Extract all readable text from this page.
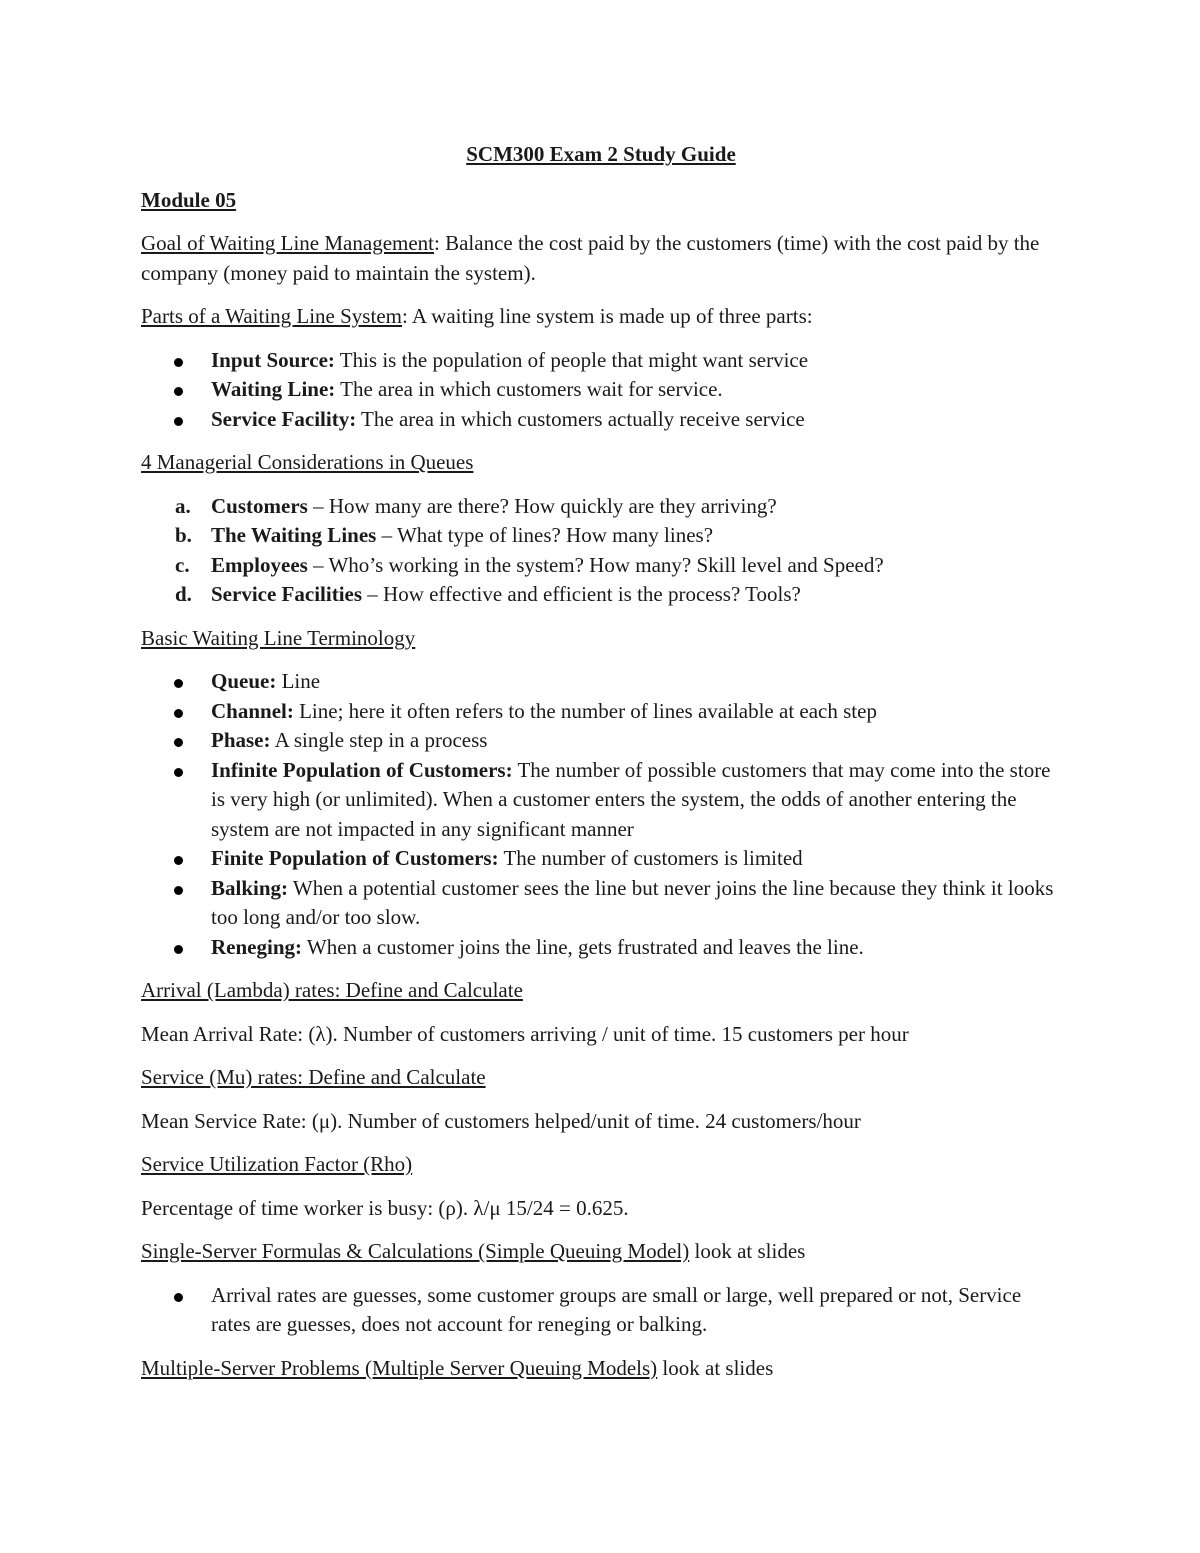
SCM300 Exam 2 Study Guide
Module 05

Goal of Waiting Line Management: Balance the cost paid by the customers (time) with the cost paid by the company (money paid to maintain the system).

Parts of a Waiting Line System: A waiting line system is made up of three parts:

Input Source: This is the population of people that might want service
Waiting Line: The area in which customers wait for service.
Service Facility: The area in which customers actually receive service

4 Managerial Considerations in Queues

a. Customers – How many are there? How quickly are they arriving?
b. The Waiting Lines – What type of lines? How many lines?
c. Employees – Who’s working in the system? How many? Skill level and Speed?
d. Service Facilities – How effective and efficient is the process? Tools?

Basic Waiting Line Terminology

Queue: Line
Channel: Line; here it often refers to the number of lines available at each step
Phase: A single step in a process
Infinite Population of Customers: The number of possible customers that may come into the store is very high (or unlimited). When a customer enters the system, the odds of another entering the system are not impacted in any significant manner
Finite Population of Customers: The number of customers is limited
Balking: When a potential customer sees the line but never joins the line because they think it looks too long and/or too slow.
Reneging: When a customer joins the line, gets frustrated and leaves the line.

Arrival (Lambda) rates: Define and Calculate

Mean Arrival Rate: (λ). Number of customers arriving / unit of time. 15 customers per hour

Service (Mu) rates: Define and Calculate

Mean Service Rate: (μ). Number of customers helped/unit of time. 24 customers/hour

Service Utilization Factor (Rho)

Percentage of time worker is busy: (ρ). λ/μ 15/24 = 0.625.

Single-Server Formulas & Calculations (Simple Queuing Model) look at slides

Arrival rates are guesses, some customer groups are small or large, well prepared or not, Service rates are guesses, does not account for reneging or balking.

Multiple-Server Problems (Multiple Server Queuing Models) look at slides
